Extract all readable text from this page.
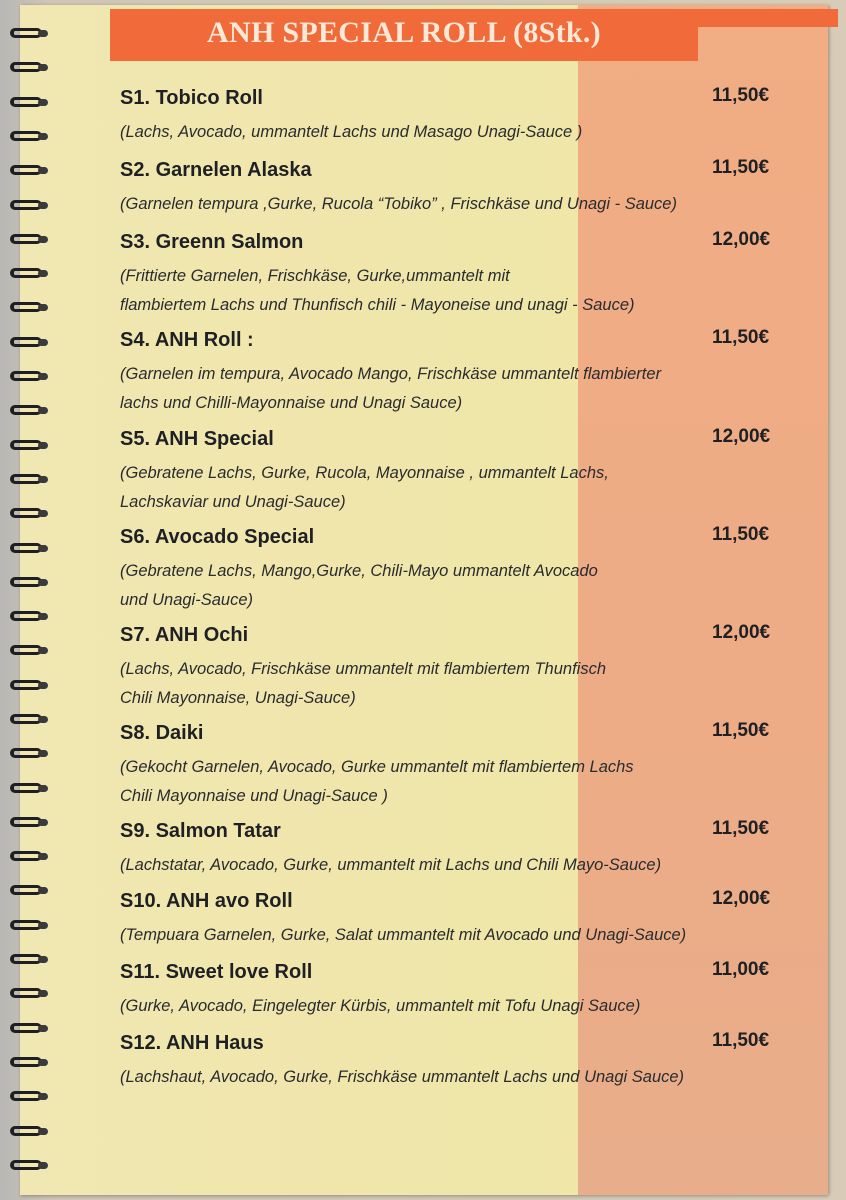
ANH SPECIAL ROLL (8Stk.)
S1. Tobico Roll	11,50€
(Lachs, Avocado, ummantelt Lachs und Masago Unagi-Sauce )
S2. Garnelen Alaska	11,50€
(Garnelen tempura ,Gurke, Rucola “Tobiko” , Frischkäse und Unagi - Sauce)
S3. Greenn Salmon	12,00€
(Frittierte Garnelen, Frischkäse, Gurke,ummantelt mit
flambiertem Lachs und Thunfisch chili - Mayoneise und unagi - Sauce)
S4. ANH Roll :	11,50€
(Garnelen im tempura, Avocado Mango, Frischkäse ummantelt flambierter
lachs und Chilli-Mayonnaise und Unagi Sauce)
S5. ANH Special	12,00€
(Gebratene Lachs, Gurke, Rucola, Mayonnaise , ummantelt Lachs,
Lachskaviar und Unagi-Sauce)
S6. Avocado Special	11,50€
(Gebratene Lachs, Mango,Gurke, Chili-Mayo ummantelt Avocado
und Unagi-Sauce)
S7. ANH Ochi	12,00€
(Lachs, Avocado, Frischkäse ummantelt mit flambiertem Thunfisch
Chili Mayonnaise, Unagi-Sauce)
S8. Daiki	11,50€
(Gekocht Garnelen, Avocado, Gurke ummantelt mit flambiertem Lachs
Chili Mayonnaise und Unagi-Sauce )
S9. Salmon Tatar	11,50€
(Lachstatar, Avocado, Gurke, ummantelt mit Lachs und Chili Mayo-Sauce)
S10. ANH avo Roll	12,00€
(Tempuara Garnelen, Gurke, Salat ummantelt mit Avocado und Unagi-Sauce)
S11. Sweet love Roll	11,00€
(Gurke, Avocado, Eingelegter Kürbis, ummantelt mit Tofu Unagi Sauce)
S12. ANH Haus	11,50€
(Lachshaut, Avocado, Gurke, Frischkäse ummantelt Lachs und Unagi Sauce)
